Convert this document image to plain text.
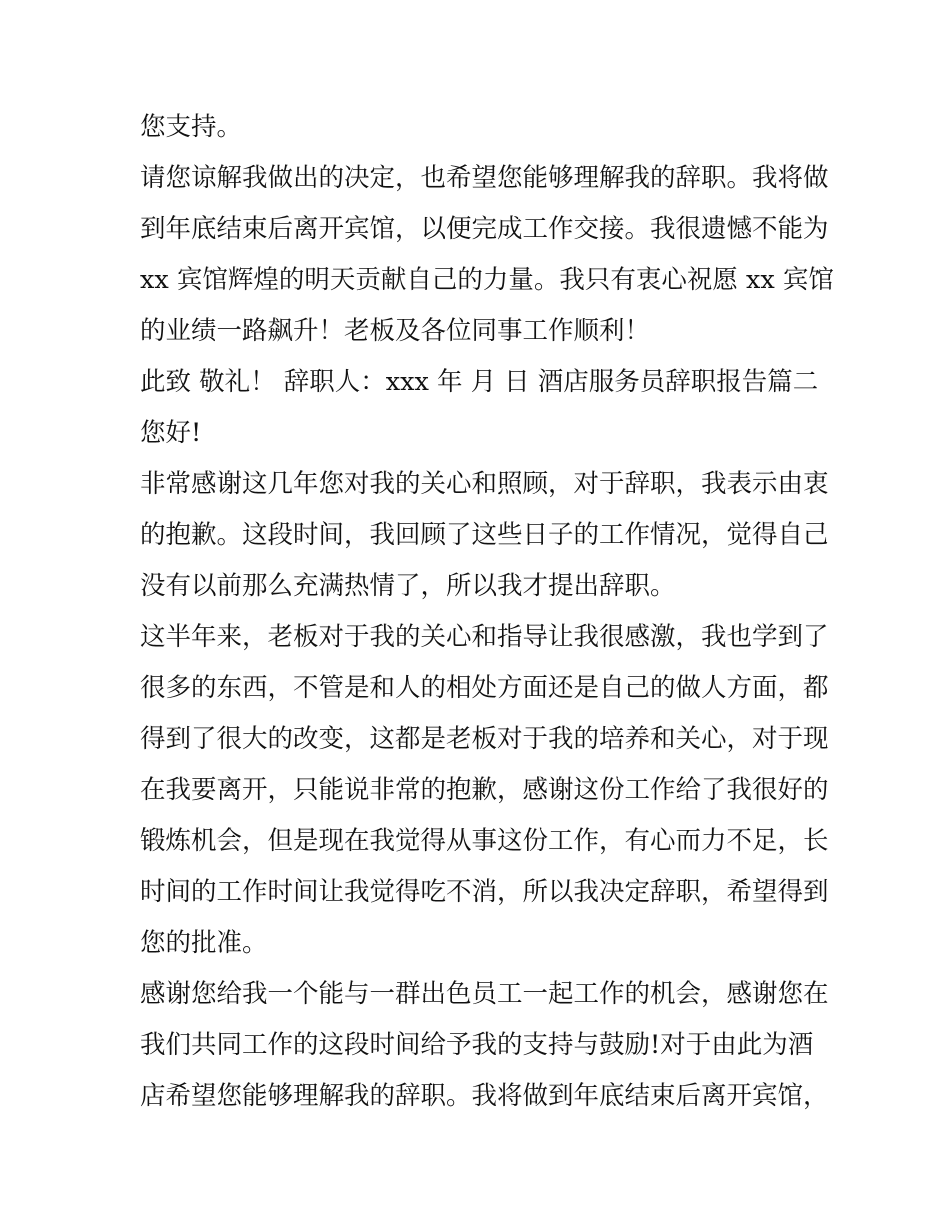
您支持。
请您谅解我做出的决定，也希望您能够理解我的辞职。我将做
到年底结束后离开宾馆，以便完成工作交接。我很遗憾不能为
xx 宾馆辉煌的明天贡献自己的力量。我只有衷心祝愿 xx 宾馆
的业绩一路飙升！老板及各位同事工作顺利！
此致 敬礼！ 辞职人：xxx 年 月 日 酒店服务员辞职报告篇二
您好!
非常感谢这几年您对我的关心和照顾，对于辞职，我表示由衷
的抱歉。这段时间，我回顾了这些日子的工作情况，觉得自己
没有以前那么充满热情了，所以我才提出辞职。
这半年来，老板对于我的关心和指导让我很感激，我也学到了
很多的东西，不管是和人的相处方面还是自己的做人方面，都
得到了很大的改变，这都是老板对于我的培养和关心，对于现
在我要离开，只能说非常的抱歉，感谢这份工作给了我很好的
锻炼机会，但是现在我觉得从事这份工作，有心而力不足，长
时间的工作时间让我觉得吃不消，所以我决定辞职，希望得到
您的批准。
感谢您给我一个能与一群出色员工一起工作的机会，感谢您在
我们共同工作的这段时间给予我的支持与鼓励!对于由此为酒
店希望您能够理解我的辞职。我将做到年底结束后离开宾馆，
